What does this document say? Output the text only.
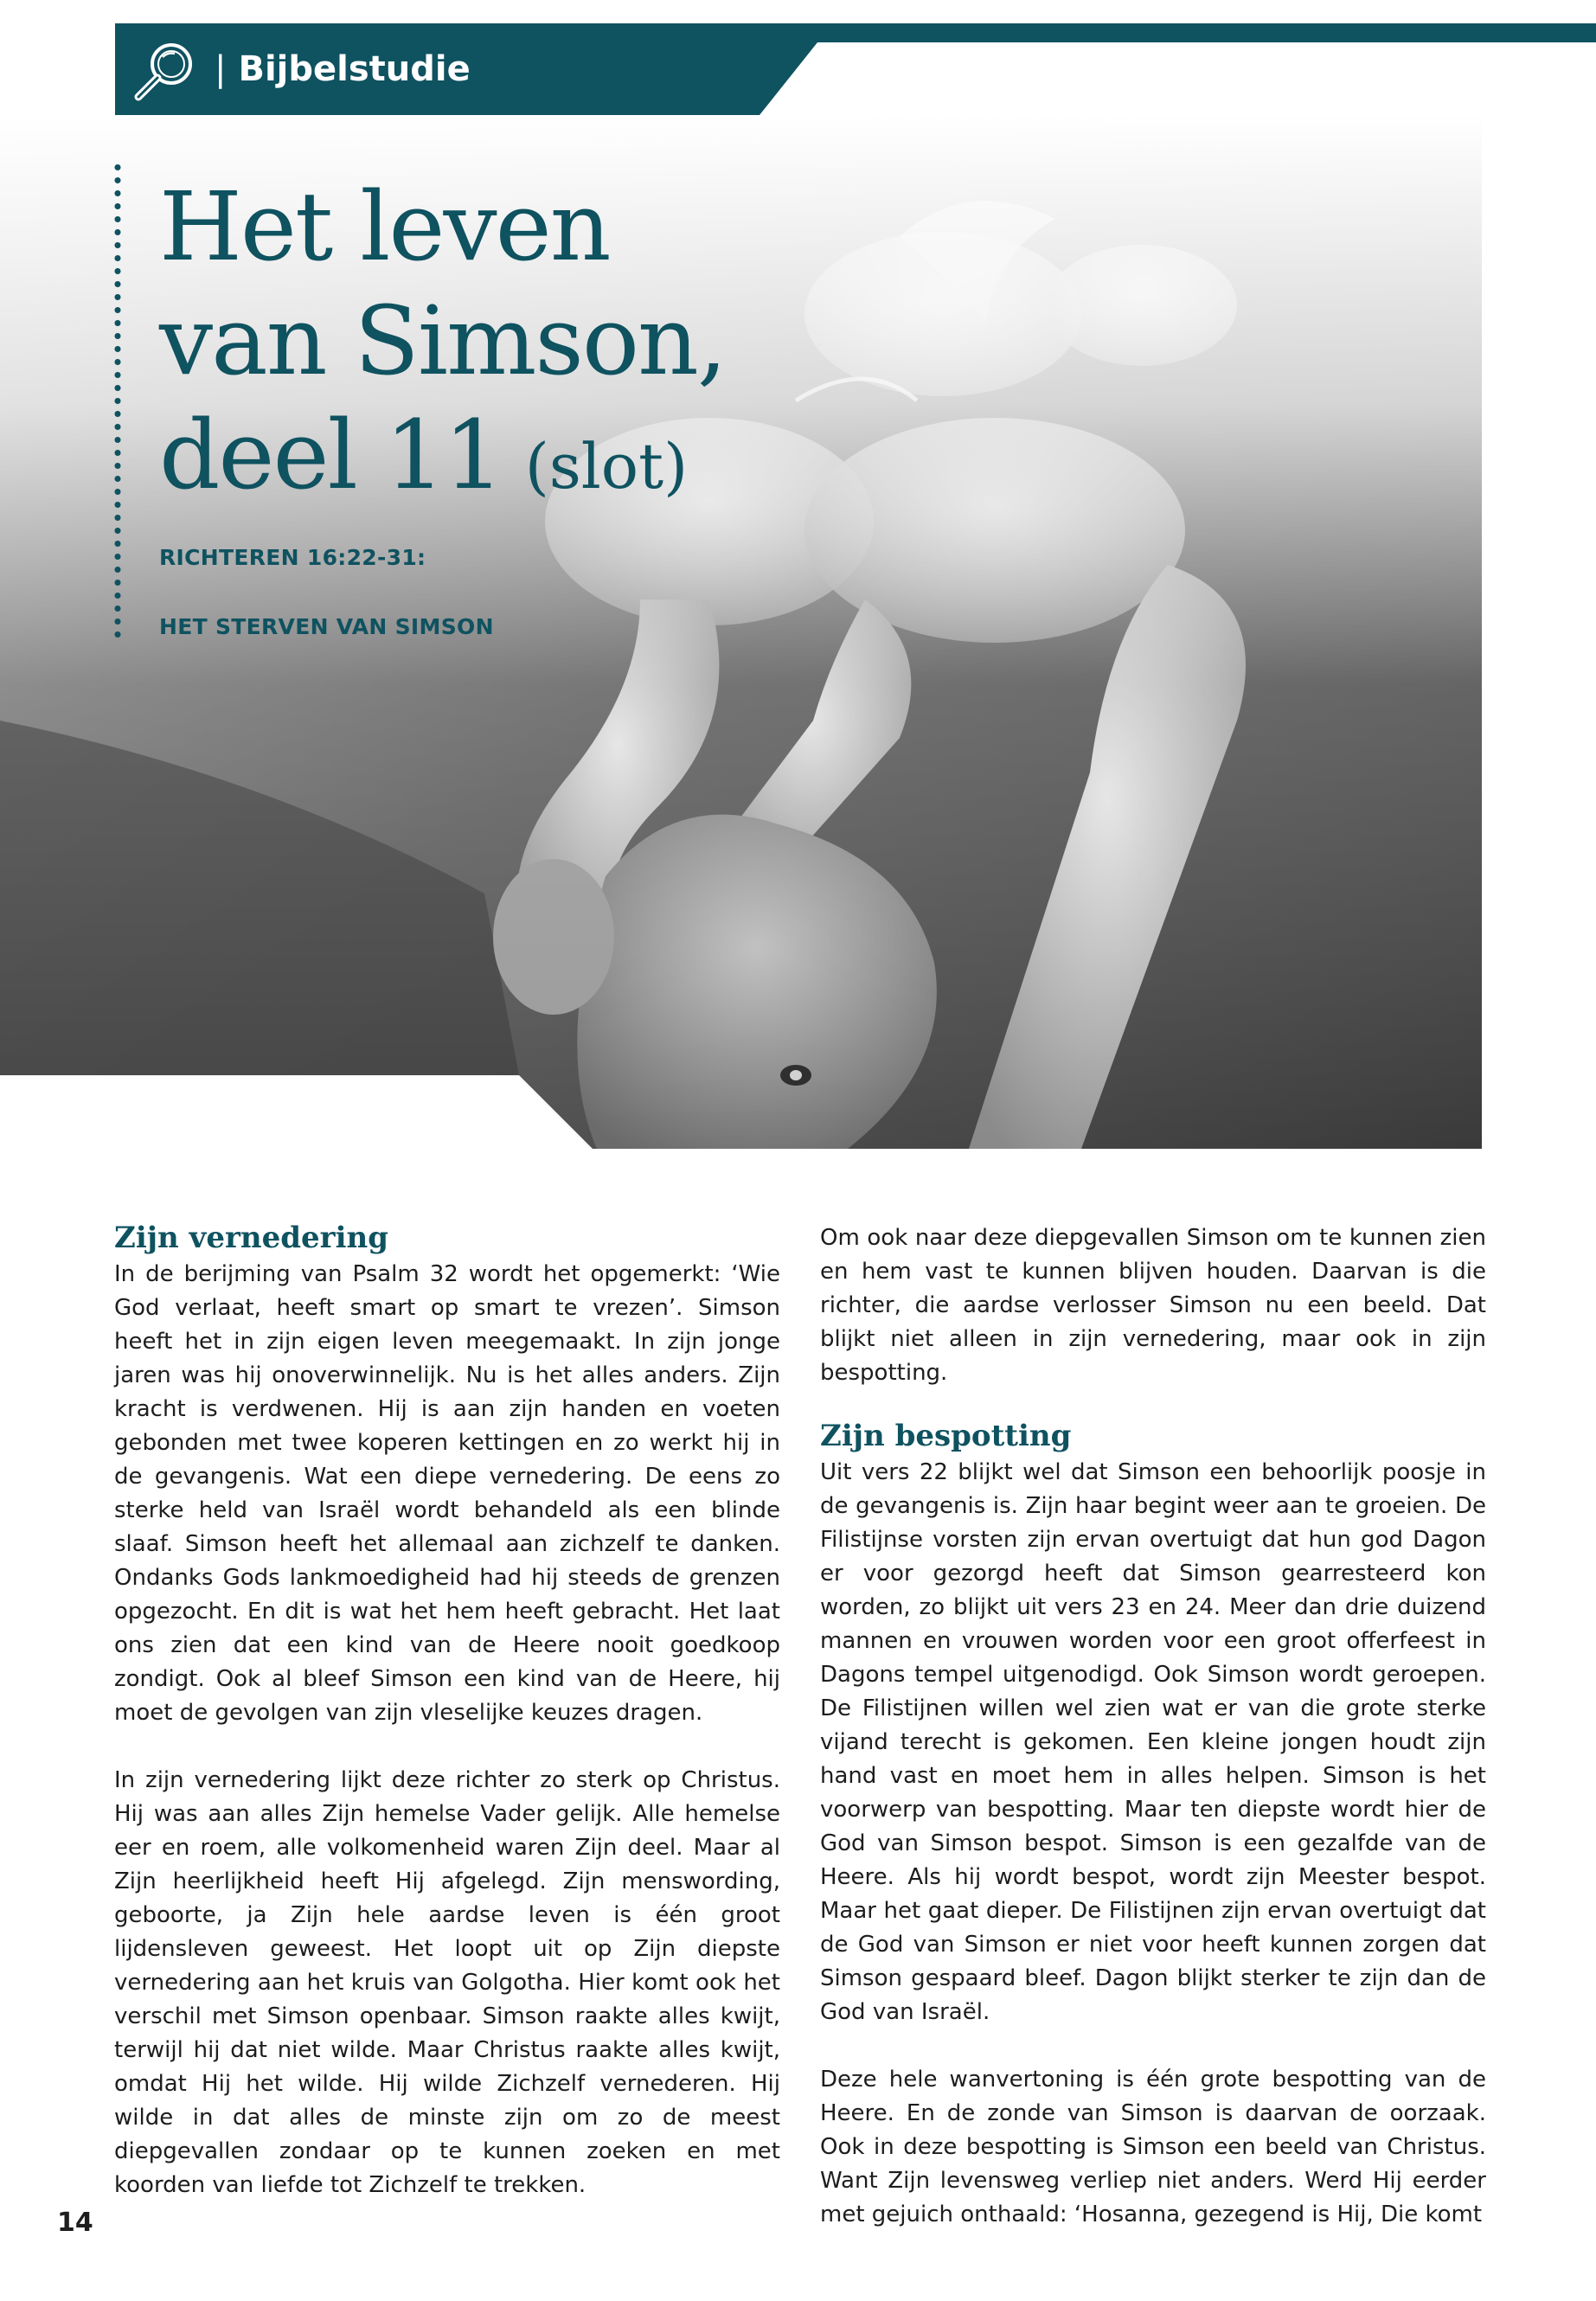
| Bijbelstudie
Het leven
van Simson,
deel 11 (slot)
RICHTEREN 16:22-31:
HET STERVEN VAN SIMSON
Zijn vernedering

In de berijming van Psalm 32 wordt het opgemerkt: ‘Wie God verlaat, heeft smart op smart te vrezen’. Simson heeft het in zijn eigen leven meegemaakt. In zijn jonge jaren was hij onoverwinnelijk. Nu is het alles anders. Zijn kracht is verdwenen. Hij is aan zijn handen en voeten gebonden met twee koperen kettingen en zo werkt hij in de gevangenis. Wat een diepe vernedering. De eens zo sterke held van Israël wordt behandeld als een blinde slaaf. Simson heeft het allemaal aan zichzelf te danken. Ondanks Gods lankmoedigheid had hij steeds de grenzen opgezocht. En dit is wat het hem heeft gebracht. Het laat ons zien dat een kind van de Heere nooit goedkoop zondigt. Ook al bleef Simson een kind van de Heere, hij moet de gevolgen van zijn vleselijke keuzes dragen.

In zijn vernedering lijkt deze richter zo sterk op Christus. Hij was aan alles Zijn hemelse Vader gelijk. Alle hemelse eer en roem, alle volkomenheid waren Zijn deel. Maar al Zijn heerlijkheid heeft Hij afgelegd. Zijn menswording, geboorte, ja Zijn hele aardse leven is één groot lijdensleven geweest. Het loopt uit op Zijn diepste vernedering aan het kruis van Golgotha. Hier komt ook het verschil met Simson openbaar. Simson raakte alles kwijt, terwijl hij dat niet wilde. Maar Christus raakte alles kwijt, omdat Hij het wilde. Hij wilde Zichzelf vernederen. Hij wilde in dat alles de minste zijn om zo de meest diepgevallen zondaar op te kunnen zoeken en met koorden van liefde tot Zichzelf te trekken.

Om ook naar deze diepgevallen Simson om te kunnen zien en hem vast te kunnen blijven houden. Daarvan is die richter, die aardse verlosser Simson nu een beeld. Dat blijkt niet alleen in zijn vernedering, maar ook in zijn bespotting.

Zijn bespotting

Uit vers 22 blijkt wel dat Simson een behoorlijk poosje in de gevangenis is. Zijn haar begint weer aan te groeien. De Filistijnse vorsten zijn ervan overtuigt dat hun god Dagon er voor gezorgd heeft dat Simson gearresteerd kon worden, zo blijkt uit vers 23 en 24. Meer dan drie duizend mannen en vrouwen worden voor een groot offerfeest in Dagons tempel uitgenodigd. Ook Simson wordt geroepen. De Filistijnen willen wel zien wat er van die grote sterke vijand terecht is gekomen. Een kleine jongen houdt zijn hand vast en moet hem in alles helpen. Simson is het voorwerp van bespotting. Maar ten diepste wordt hier de God van Simson bespot. Simson is een gezalfde van de Heere. Als hij wordt bespot, wordt zijn Meester bespot. Maar het gaat dieper. De Filistijnen zijn ervan overtuigt dat de God van Simson er niet voor heeft kunnen zorgen dat Simson gespaard bleef. Dagon blijkt sterker te zijn dan de God van Israël.

Deze hele wanvertoning is één grote bespotting van de Heere. En de zonde van Simson is daarvan de oorzaak. Ook in deze bespotting is Simson een beeld van Christus. Want Zijn levensweg verliep niet anders. Werd Hij eerder met gejuich onthaald: ‘Hosanna, gezegend is Hij, Die komt

14
